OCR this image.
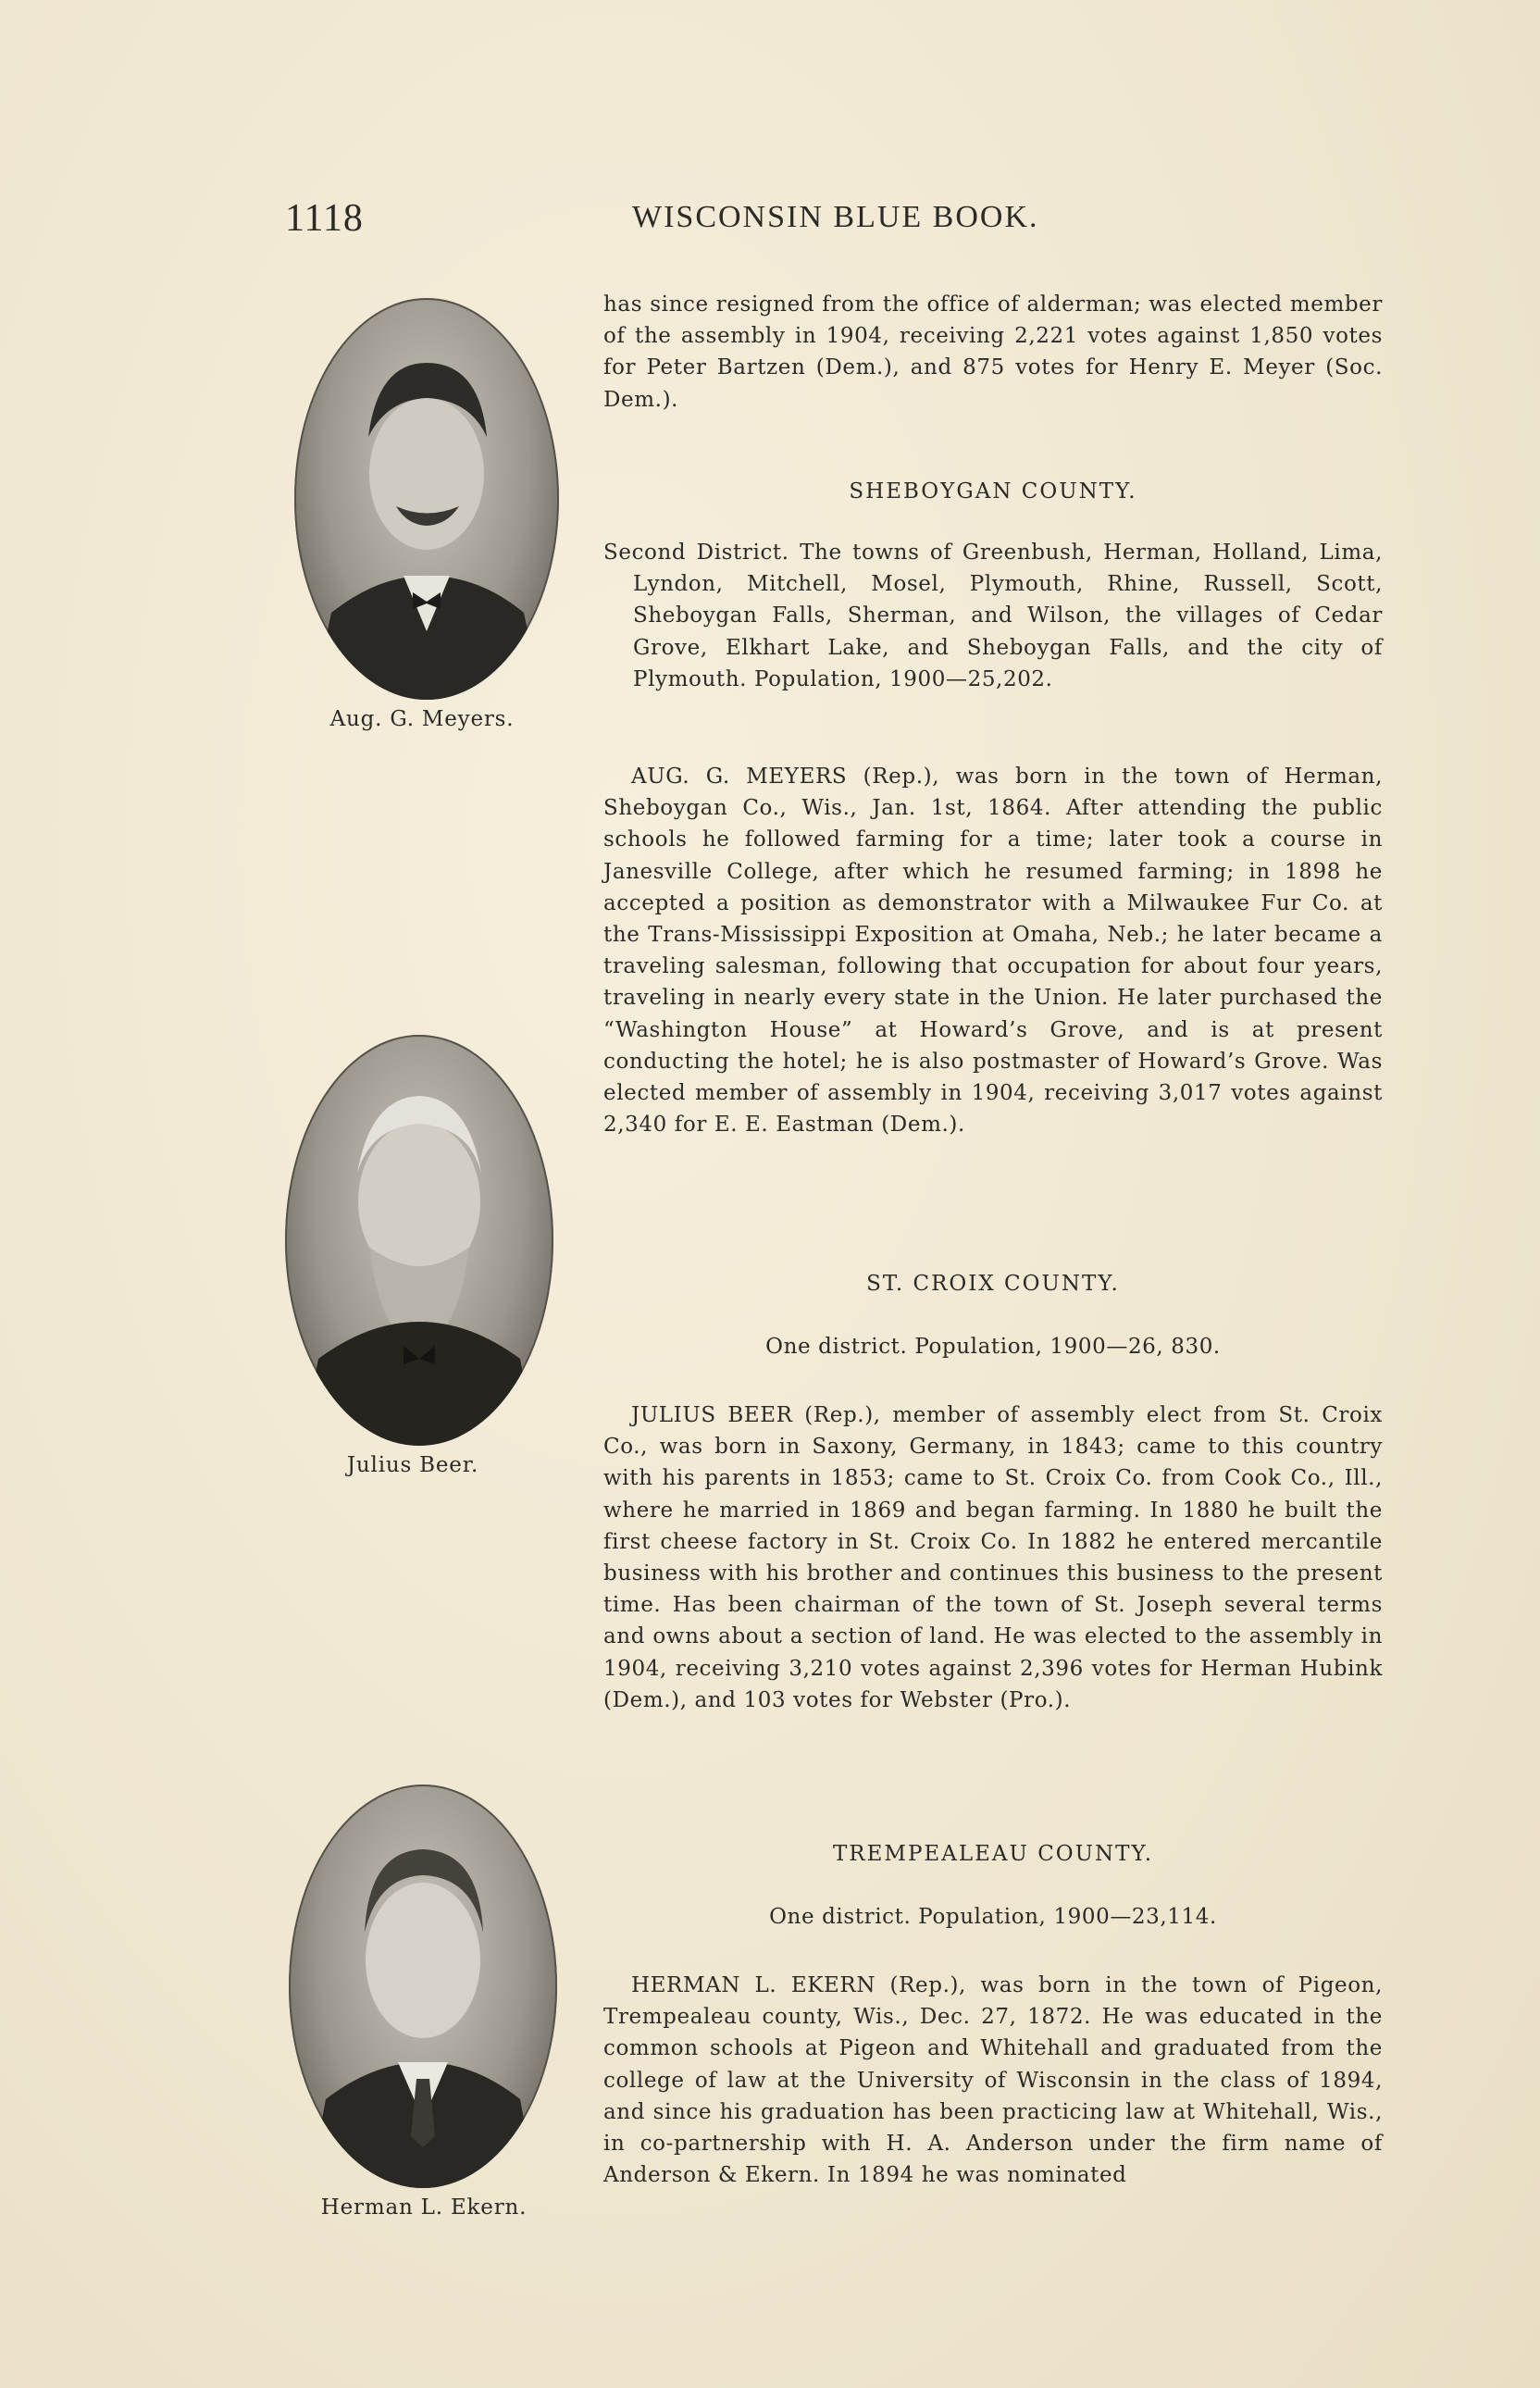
1118	WISCONSIN BLUE BOOK.

has since resigned from the office of alderman; was elected member of the assembly in 1904, receiving 2,221 votes against 1,850 votes for Peter Bartzen (Dem.), and 875 votes for Henry E. Meyer (Soc. Dem.).

SHEBOYGAN COUNTY.

Second District. The towns of Greenbush, Herman, Holland, Lima, Lyndon, Mitchell, Mosel, Plymouth, Rhine, Russell, Scott, Sheboygan Falls, Sherman, and Wilson, the villages of Cedar Grove, Elkhart Lake, and Sheboygan Falls, and the city of Plymouth. Population, 1900—25,202.

AUG. G. MEYERS (Rep.), was born in the town of Herman, Sheboygan Co., Wis., Jan. 1st, 1864. After attending the public schools he followed farming for a time; later took a course in Janesville College, after which he resumed farming; in 1898 he accepted a position as demonstrator with a Milwaukee Fur Co. at the Trans-Mississippi Exposition at Omaha, Neb.; he later became a traveling salesman, following that occupation for about four years, traveling in nearly every state in the Union. He later purchased the “Washington House” at Howard’s Grove, and is at present conducting the hotel; he is also postmaster of Howard’s Grove. Was elected member of assembly in 1904, receiving 3,017 votes against 2,340 for E. E. Eastman (Dem.).

ST. CROIX COUNTY.
One district. Population, 1900—26, 830.

JULIUS BEER (Rep.), member of assembly elect from St. Croix Co., was born in Saxony, Germany, in 1843; came to this country with his parents in 1853; came to St. Croix Co. from Cook Co., Ill., where he married in 1869 and began farming. In 1880 he built the first cheese factory in St. Croix Co. In 1882 he entered mercantile business with his brother and continues this business to the present time. Has been chairman of the town of St. Joseph several terms and owns about a section of land. He was elected to the assembly in 1904, receiving 3,210 votes against 2,396 votes for Herman Hubink (Dem.), and 103 votes for Webster (Pro.).

TREMPEALEAU COUNTY.
One district. Population, 1900—23,114.

HERMAN L. EKERN (Rep.), was born in the town of Pigeon, Trempealeau county, Wis., Dec. 27, 1872. He was educated in the common schools at Pigeon and Whitehall and graduated from the college of law at the University of Wisconsin in the class of 1894, and since his graduation has been practicing law at Whitehall, Wis., in co-partnership with H. A. Anderson under the firm name of Anderson & Ekern. In 1894 he was nominated

Aug. G. Meyers.
Julius Beer.
Herman L. Ekern.
